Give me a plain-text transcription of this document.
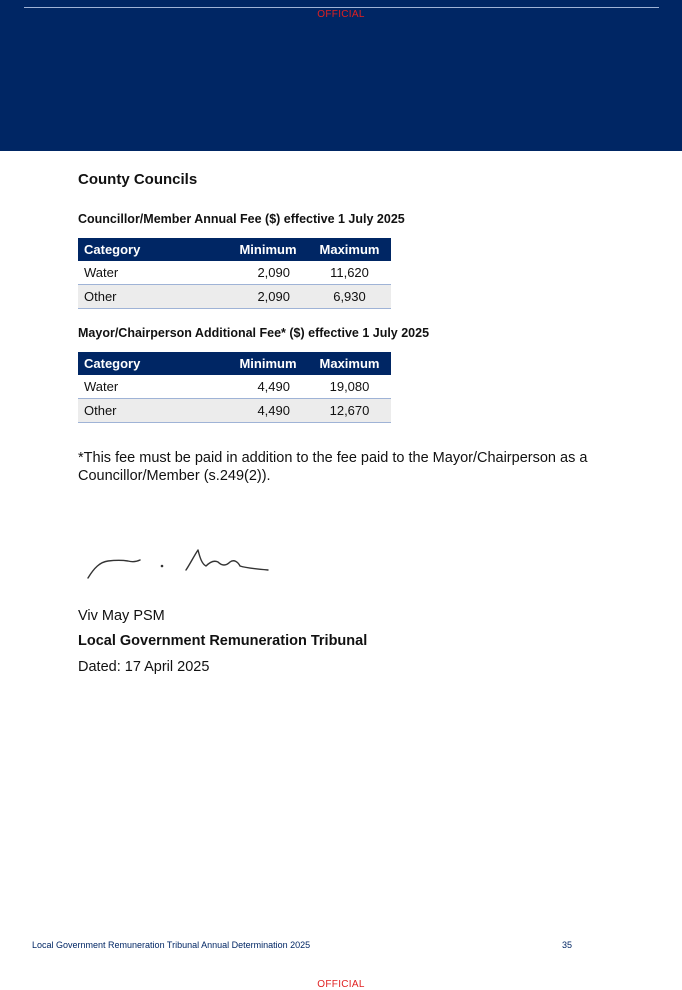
OFFICIAL
County Councils
Councillor/Member Annual Fee ($) effective 1 July 2025
Category	Minimum	Maximum
Water	2,090	11,620
Other	2,090	6,930
Mayor/Chairperson Additional Fee* ($) effective 1 July 2025
Category	Minimum	Maximum
Water	4,490	19,080
Other	4,490	12,670
*This fee must be paid in addition to the fee paid to the Mayor/Chairperson as a Councillor/Member (s.249(2)).
Viv May PSM
Local Government Remuneration Tribunal
Dated: 17 April 2025
Local Government Remuneration Tribunal Annual Determination 2025	35
OFFICIAL
